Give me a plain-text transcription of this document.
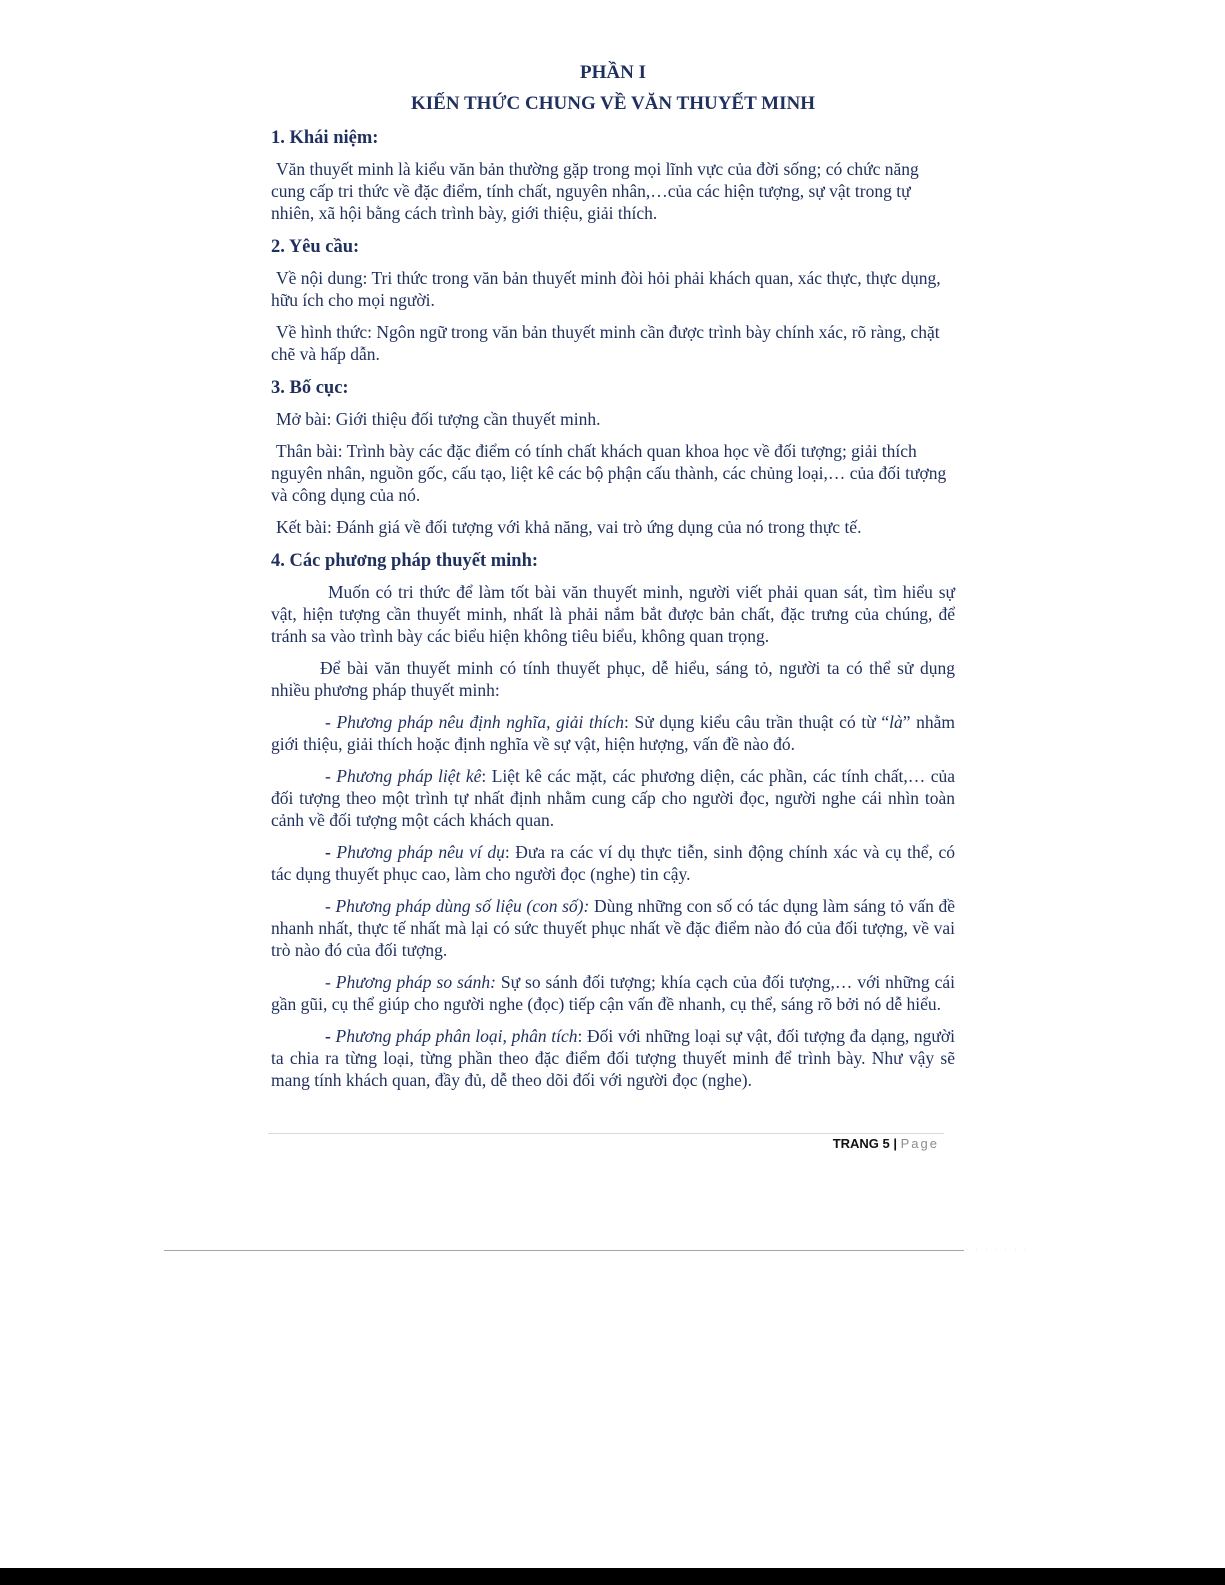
PHẦN I

KIẾN THỨC CHUNG VỀ VĂN THUYẾT MINH

1. Khái niệm:

Văn thuyết minh là kiểu văn bản thường gặp trong mọi lĩnh vực của đời sống; có chức năng cung cấp tri thức về đặc điểm, tính chất, nguyên nhân,…của các hiện tượng, sự vật trong tự nhiên, xã hội bằng cách trình bày, giới thiệu, giải thích.

2. Yêu cầu:

Về nội dung: Tri thức trong văn bản thuyết minh đòi hỏi phải khách quan, xác thực, thực dụng, hữu ích cho mọi người.

Về hình thức: Ngôn ngữ trong văn bản thuyết minh cần được trình bày chính xác, rõ ràng, chặt chẽ và hấp dẫn.

3. Bố cục:

Mở bài: Giới thiệu đối tượng cần thuyết minh.

Thân bài: Trình bày các đặc điểm có tính chất khách quan khoa học về đối tượng; giải thích nguyên nhân, nguồn gốc, cấu tạo, liệt kê các bộ phận cấu thành, các chủng loại,… của đối tượng và công dụng của nó.

Kết bài: Đánh giá về đối tượng với khả năng, vai trò ứng dụng của nó trong thực tế.

4. Các phương pháp thuyết minh:

Muốn có tri thức để làm tốt bài văn thuyết minh, người viết phải quan sát, tìm hiểu sự vật, hiện tượng cần thuyết minh, nhất là phải nắm bắt được bản chất, đặc trưng của chúng, để tránh sa vào trình bày các biểu hiện không tiêu biểu, không quan trọng.

Để bài văn thuyết minh có tính thuyết phục, dễ hiểu, sáng tỏ, người ta có thể sử dụng nhiều phương pháp thuyết minh:

- Phương pháp nêu định nghĩa, giải thích: Sử dụng kiểu câu trần thuật có từ “là” nhằm giới thiệu, giải thích hoặc định nghĩa về sự vật, hiện hượng, vấn đề nào đó.

- Phương pháp liệt kê: Liệt kê các mặt, các phương diện, các phần, các tính chất,… của đối tượng theo một trình tự nhất định nhằm cung cấp cho người đọc, người nghe cái nhìn toàn cảnh về đối tượng một cách khách quan.

- Phương pháp nêu ví dụ: Đưa ra các ví dụ thực tiễn, sinh động chính xác và cụ thể, có tác dụng thuyết phục cao, làm cho người đọc (nghe) tin cậy.

- Phương pháp dùng số liệu (con số): Dùng những con số có tác dụng làm sáng tỏ vấn đề nhanh nhất, thực tế nhất mà lại có sức thuyết phục nhất về đặc điểm nào đó của đối tượng, về vai trò nào đó của đối tượng.

- Phương pháp so sánh: Sự so sánh đối tượng; khía cạch của đối tượng,… với những cái gần gũi, cụ thể giúp cho người nghe (đọc) tiếp cận vấn đề nhanh, cụ thể, sáng rõ bởi nó dễ hiểu.

- Phương pháp phân loại, phân tích: Đối với những loại sự vật, đối tượng đa dạng, người ta chia ra từng loại, từng phần theo đặc điểm đối tượng thuyết minh để trình bày. Như vậy sẽ mang tính khách quan, đầy đủ, dễ theo dõi đối với người đọc (nghe).

TRANG 5 | Page
· · · · · · ·
